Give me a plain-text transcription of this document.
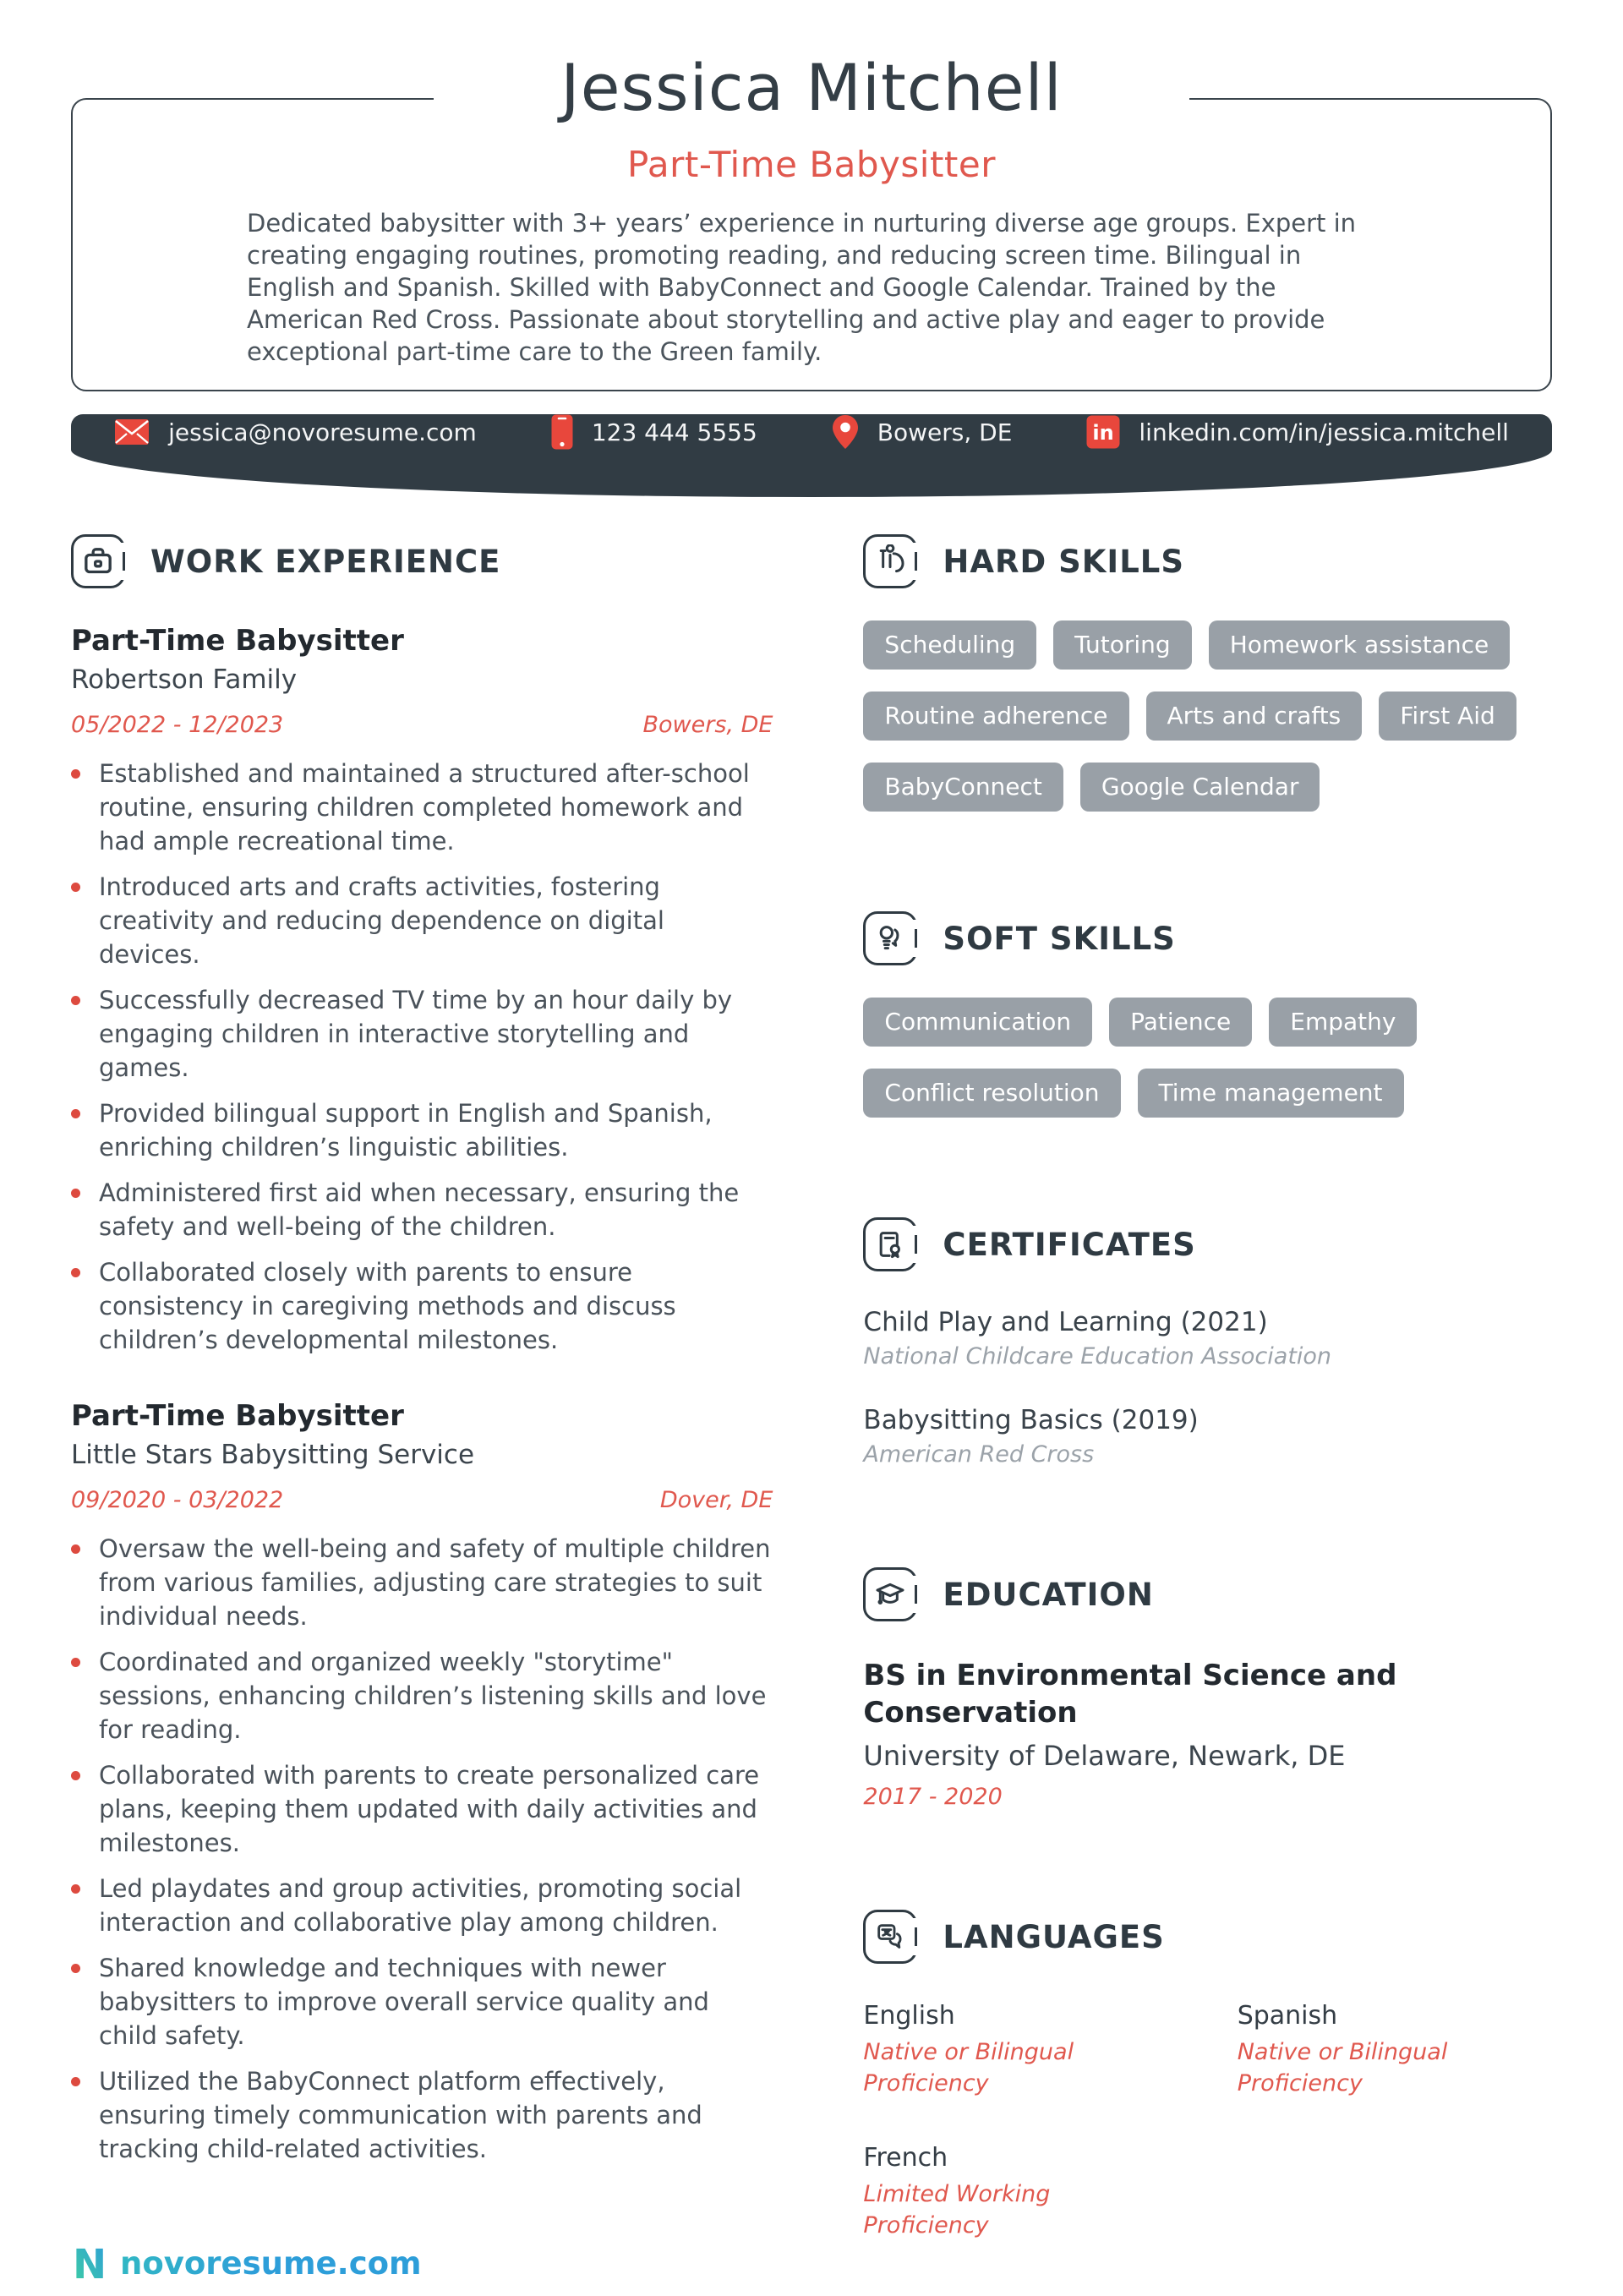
Jessica Mitchell
Part-Time Babysitter

Dedicated babysitter with 3+ years’ experience in nurturing diverse age groups. Expert in creating engaging routines, promoting reading, and reducing screen time. Bilingual in English and Spanish. Skilled with BabyConnect and Google Calendar. Trained by the American Red Cross. Passionate about storytelling and active play and eager to provide exceptional part-time care to the Green family.

jessica@novoresume.com	123 444 5555	Bowers, DE	in linkedin.com/in/jessica.mitchell
WORK EXPERIENCE
Part-Time Babysitter
Robertson Family
05/2022 - 12/2023	Bowers, DE
Established and maintained a structured after-school routine, ensuring children completed homework and had ample recreational time.
Introduced arts and crafts activities, fostering creativity and reducing dependence on digital devices.
Successfully decreased TV time by an hour daily by engaging children in interactive storytelling and games.
Provided bilingual support in English and Spanish, enriching children’s linguistic abilities.
Administered first aid when necessary, ensuring the safety and well-being of the children.
Collaborated closely with parents to ensure consistency in caregiving methods and discuss children’s developmental milestones.
Part-Time Babysitter
Little Stars Babysitting Service
09/2020 - 03/2022	Dover, DE
Oversaw the well-being and safety of multiple children from various families, adjusting care strategies to suit individual needs.
Coordinated and organized weekly "storytime" sessions, enhancing children’s listening skills and love for reading.
Collaborated with parents to create personalized care plans, keeping them updated with daily activities and milestones.
Led playdates and group activities, promoting social interaction and collaborative play among children.
Shared knowledge and techniques with newer babysitters to improve overall service quality and child safety.
Utilized the BabyConnect platform effectively, ensuring timely communication with parents and tracking child-related activities.
HARD SKILLS
Scheduling	Tutoring	Homework assistance
Routine adherence	Arts and crafts	First Aid
BabyConnect	Google Calendar
SOFT SKILLS
Communication	Patience	Empathy
Conflict resolution	Time management
CERTIFICATES
Child Play and Learning (2021)
National Childcare Education Association
Babysitting Basics (2019)
American Red Cross
EDUCATION
BS in Environmental Science and Conservation
University of Delaware, Newark, DE
2017 - 2020
LANGUAGES
English
Native or Bilingual Proficiency
Spanish
Native or Bilingual Proficiency
French
Limited Working Proficiency
N novoresume.com
